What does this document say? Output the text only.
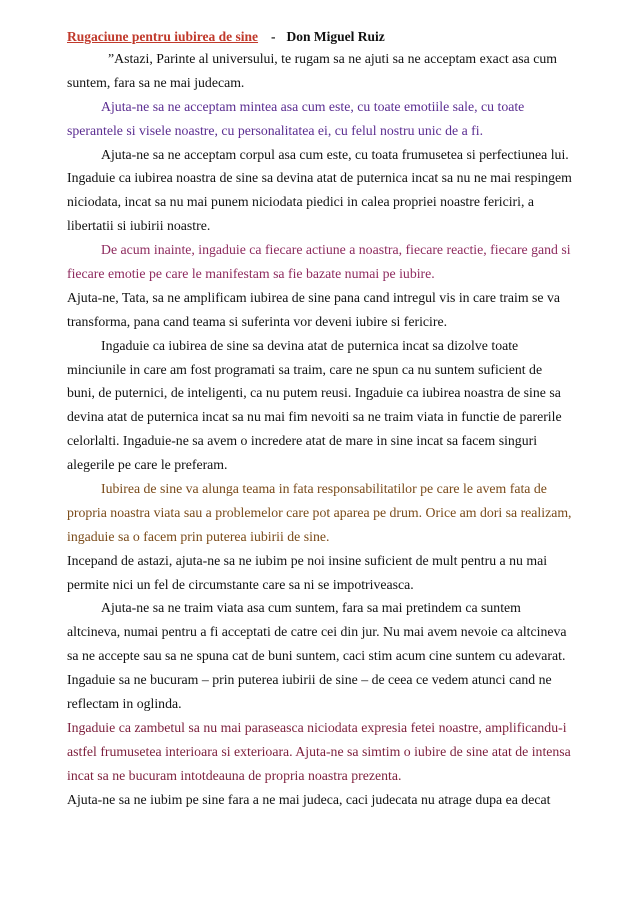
Rugaciune pentru iubirea de sine - Don Miguel Ruiz
”Astazi, Parinte al universului, te rugam sa ne ajuti sa ne acceptam exact asa cum
suntem, fara sa ne mai judecam.
Ajuta-ne sa ne acceptam mintea asa cum este, cu toate emotiile sale, cu toate
sperantele si visele noastre, cu personalitatea ei, cu felul nostru unic de a fi.
Ajuta-ne sa ne acceptam corpul asa cum este, cu toata frumusetea si perfectiunea lui.
Ingaduie ca iubirea noastra de sine sa devina atat de puternica incat sa nu ne mai respingem
niciodata, incat sa nu mai punem niciodata piedici in calea propriei noastre fericiri, a
libertatii si iubirii noastre.
De acum inainte, ingaduie ca fiecare actiune a noastra, fiecare reactie, fiecare gand si
fiecare emotie pe care le manifestam sa fie bazate numai pe iubire.
Ajuta-ne, Tata, sa ne amplificam iubirea de sine pana cand intregul vis in care traim se va
transforma, pana cand teama si suferinta vor deveni iubire si fericire.
Ingaduie ca iubirea de sine sa devina atat de puternica incat sa dizolve toate
minciunile in care am fost programati sa traim, care ne spun ca nu suntem suficient de
buni, de puternici, de inteligenti, ca nu putem reusi. Ingaduie ca iubirea noastra de sine sa
devina atat de puternica incat sa nu mai fim nevoiti sa ne traim viata in functie de parerile
celorlalti. Ingaduie-ne sa avem o incredere atat de mare in sine incat sa facem singuri
alegerile pe care le preferam.
Iubirea de sine va alunga teama in fata responsabilitatilor pe care le avem fata de
propria noastra viata sau a problemelor care pot aparea pe drum. Orice am dori sa realizam,
ingaduie sa o facem prin puterea iubirii de sine.
Incepand de astazi, ajuta-ne sa ne iubim pe noi insine suficient de mult pentru a nu mai
permite nici un fel de circumstante care sa ni se impotriveasca.
Ajuta-ne sa ne traim viata asa cum suntem, fara sa mai pretindem ca suntem
altcineva, numai pentru a fi acceptati de catre cei din jur. Nu mai avem nevoie ca altcineva
sa ne accepte sau sa ne spuna cat de buni suntem, caci stim acum cine suntem cu adevarat.
Ingaduie sa ne bucuram – prin puterea iubirii de sine – de ceea ce vedem atunci cand ne
reflectam in oglinda.
Ingaduie ca zambetul sa nu mai paraseasca niciodata expresia fetei noastre, amplificandu-i
astfel frumusetea interioara si exterioara. Ajuta-ne sa simtim o iubire de sine atat de intensa
incat sa ne bucuram intotdeauna de propria noastra prezenta.
Ajuta-ne sa ne iubim pe sine fara a ne mai judeca, caci judecata nu atrage dupa ea decat
